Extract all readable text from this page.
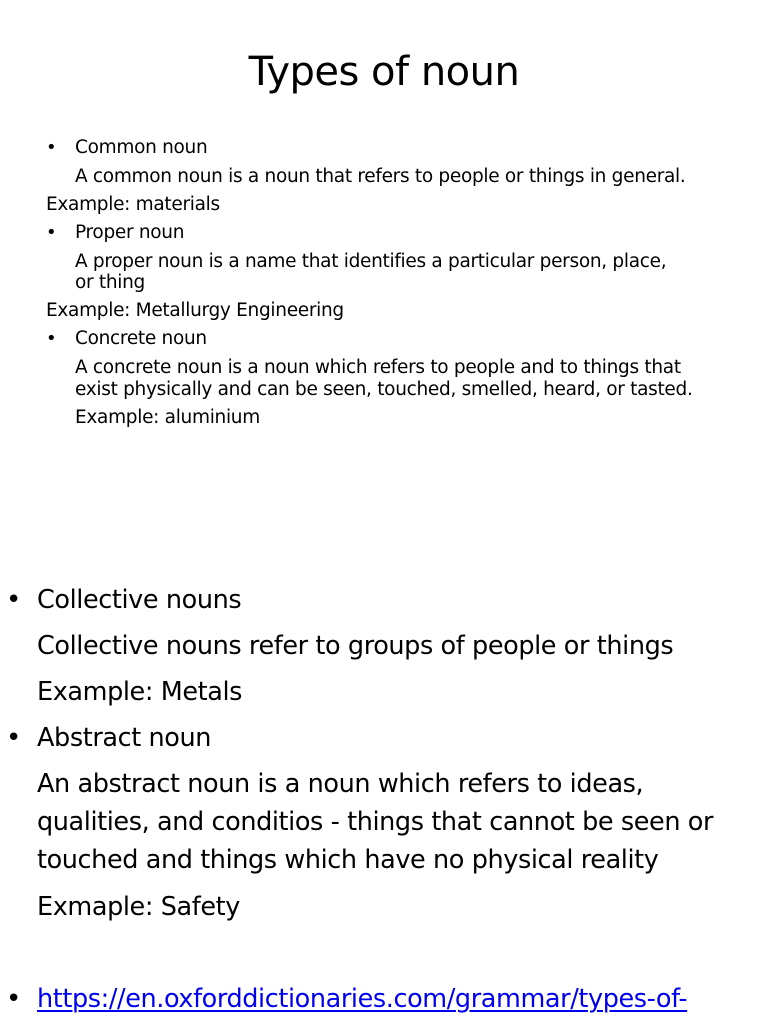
Types of noun
• Common noun
A common noun is a noun that refers to people or things in general.
Example: materials
• Proper noun
A proper noun is a name that identifies a particular person, place,
or thing
Example: Metallurgy Engineering
• Concrete noun
A concrete noun is a noun which refers to people and to things that
exist physically and can be seen, touched, smelled, heard, or tasted.
Example: aluminium
• Collective nouns
Collective nouns refer to groups of people or things
Example: Metals
• Abstract noun
An abstract noun is a noun which refers to ideas,
qualities, and conditios - things that cannot be seen or
touched and things which have no physical reality
Exmaple: Safety
• https://en.oxforddictionaries.com/grammar/types-of-
